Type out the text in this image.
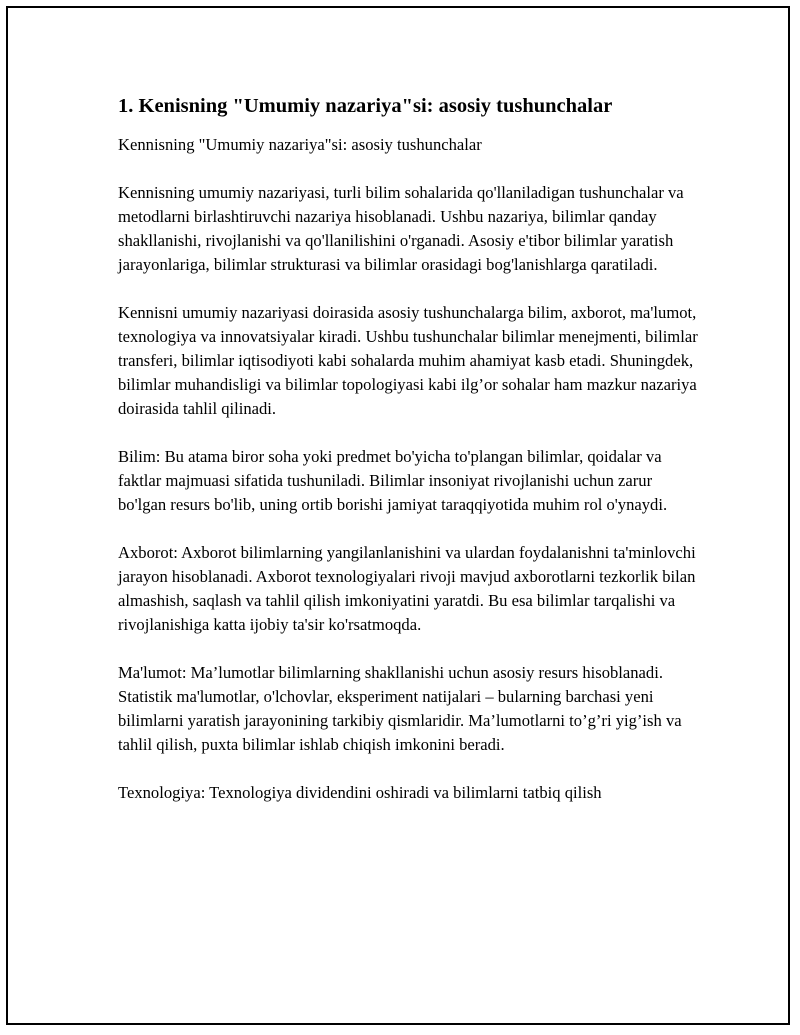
1. Kenisning "Umumiy nazariya"si: asosiy tushunchalar

Kennisning "Umumiy nazariya"si: asosiy tushunchalar

Kennisning umumiy nazariyasi, turli bilim sohalarida qo'llaniladigan tushunchalar va metodlarni birlashtiruvchi nazariya hisoblanadi. Ushbu nazariya, bilimlar qanday shakllanishi, rivojlanishi va qo'llanilishini o'rganadi. Asosiy e'tibor bilimlar yaratish jarayonlariga, bilimlar strukturasi va bilimlar orasidagi bog'lanishlarga qaratiladi.

Kennisni umumiy nazariyasi doirasida asosiy tushunchalarga bilim, axborot, ma'lumot, texnologiya va innovatsiyalar kiradi. Ushbu tushunchalar bilimlar menejmenti, bilimlar transferi, bilimlar iqtisodiyoti kabi sohalarda muhim ahamiyat kasb etadi. Shuningdek, bilimlar muhandisligi va bilimlar topologiyasi kabi ilg’or sohalar ham mazkur nazariya doirasida tahlil qilinadi.

Bilim: Bu atama biror soha yoki predmet bo'yicha to'plangan bilimlar, qoidalar va faktlar majmuasi sifatida tushuniladi. Bilimlar insoniyat rivojlanishi uchun zarur bo'lgan resurs bo'lib, uning ortib borishi jamiyat taraqqiyotida muhim rol o'ynaydi.

Axborot: Axborot bilimlarning yangilanlanishini va ulardan foydalanishni ta'minlovchi jarayon hisoblanadi. Axborot texnologiyalari rivoji mavjud axborotlarni tezkorlik bilan almashish, saqlash va tahlil qilish imkoniyatini yaratdi. Bu esa bilimlar tarqalishi va rivojlanishiga katta ijobiy ta'sir ko'rsatmoqda.

Ma'lumot: Ma’lumotlar bilimlarning shakllanishi uchun asosiy resurs hisoblanadi. Statistik ma'lumotlar, o'lchovlar, eksperiment natijalari – bularning barchasi yeni bilimlarni yaratish jarayonining tarkibiy qismlaridir. Ma’lumotlarni to’g’ri yig’ish va tahlil qilish, puxta bilimlar ishlab chiqish imkonini beradi.

Texnologiya: Texnologiya dividendini oshiradi va bilimlarni tatbiq qilish
